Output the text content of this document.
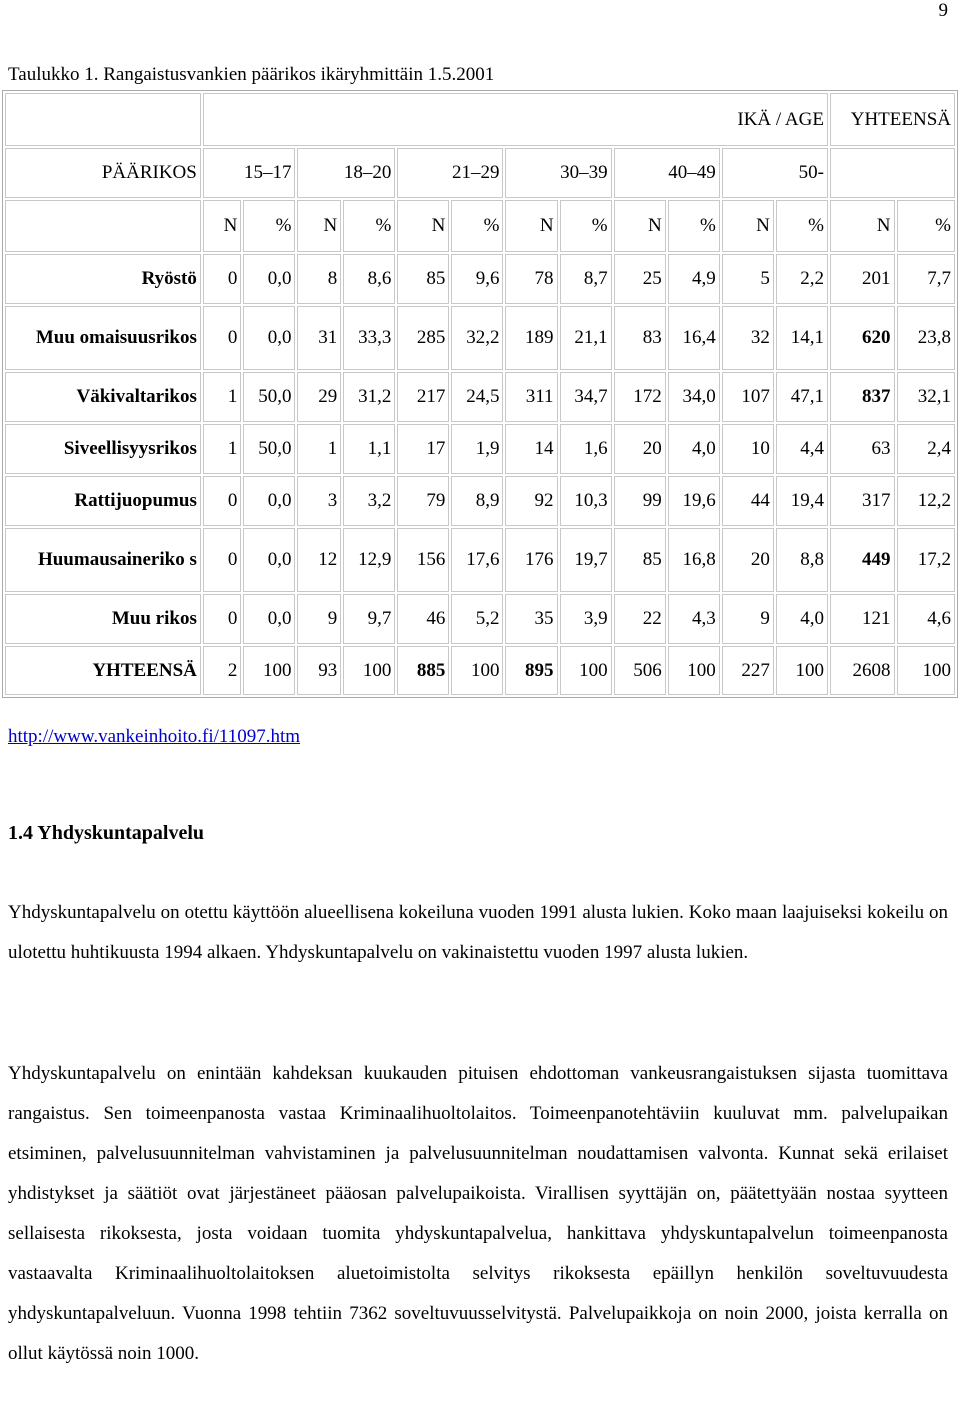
9
Taulukko 1. Rangaistusvankien päärikos ikäryhmittäin 1.5.2001
	IKÄ / AGE												YHTEENSÄ	
PÄÄRIKOS	15–17		18–20		21–29		30–39		40–49		50-			
	N	%	N	%	N	%	N	%	N	%	N	%	N	%
Ryöstö	0	0,0	8	8,6	85	9,6	78	8,7	25	4,9	5	2,2	201	7,7
Muu omaisuusrikos	0	0,0	31	33,3	285	32,2	189	21,1	83	16,4	32	14,1	620	23,8
Väkivaltarikos	1	50,0	29	31,2	217	24,5	311	34,7	172	34,0	107	47,1	837	32,1
Siveellisyysrikos	1	50,0	1	1,1	17	1,9	14	1,6	20	4,0	10	4,4	63	2,4
Rattijuopumus	0	0,0	3	3,2	79	8,9	92	10,3	99	19,6	44	19,4	317	12,2
Huumausaineriko s	0	0,0	12	12,9	156	17,6	176	19,7	85	16,8	20	8,8	449	17,2
Muu rikos	0	0,0	9	9,7	46	5,2	35	3,9	22	4,3	9	4,0	121	4,6
YHTEENSÄ	2	100	93	100	885	100	895	100	506	100	227	100	2608	100
http://www.vankeinhoito.fi/11097.htm
1.4 Yhdyskuntapalvelu

Yhdyskuntapalvelu on otettu käyttöön alueellisena kokeiluna vuoden 1991 alusta lukien. Koko maan laajuiseksi kokeilu on ulotettu huhtikuusta 1994 alkaen. Yhdyskuntapalvelu on vakinaistettu vuoden 1997 alusta lukien.

Yhdyskuntapalvelu on enintään kahdeksan kuukauden pituisen ehdottoman vankeusrangaistuksen sijasta tuomittava rangaistus. Sen toimeenpanosta vastaa Kriminaalihuoltolaitos. Toimeenpanotehtäviin kuuluvat mm. palvelupaikan etsiminen, palvelusuunnitelman vahvistaminen ja palvelusuunnitelman noudattamisen valvonta. Kunnat sekä erilaiset yhdistykset ja säätiöt ovat järjestäneet pääosan palvelupaikoista. Virallisen syyttäjän on, päätettyään nostaa syytteen sellaisesta rikoksesta, josta voidaan tuomita yhdyskuntapalvelua, hankittava yhdyskuntapalvelun toimeenpanosta vastaavalta Kriminaalihuoltolaitoksen aluetoimistolta selvitys rikoksesta epäillyn henkilön soveltuvuudesta yhdyskuntapalveluun. Vuonna 1998 tehtiin 7362 soveltuvuusselvitystä. Palvelupaikkoja on noin 2000, joista kerralla on ollut käytössä noin 1000.
